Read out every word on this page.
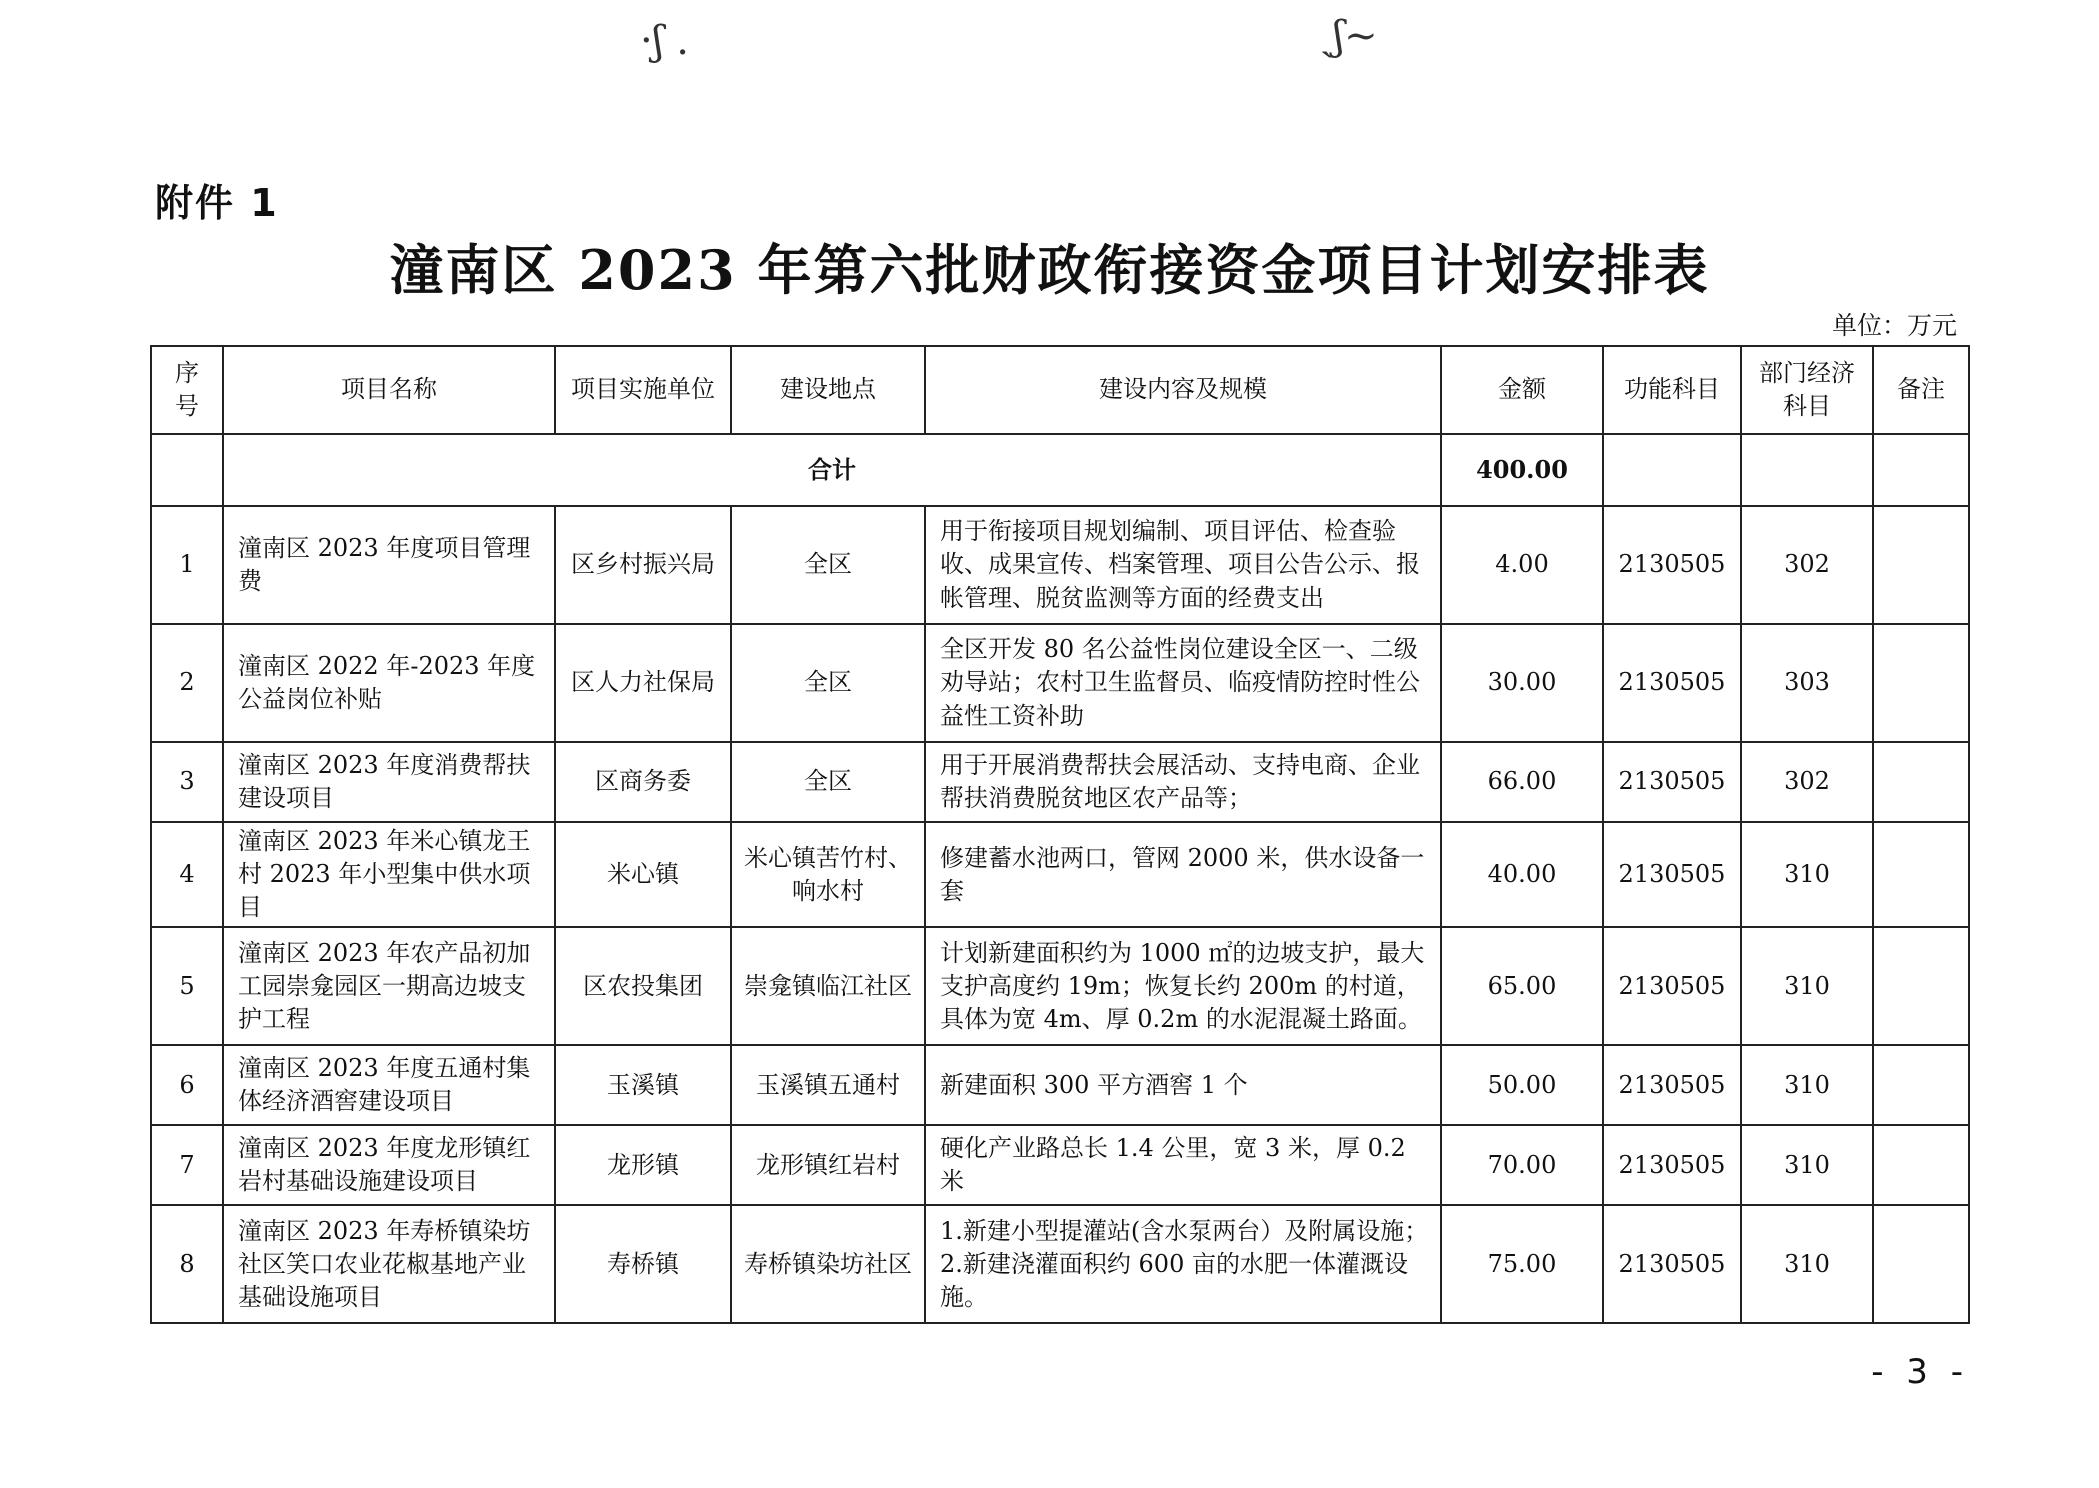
·ʃ .	ˎʃ~
附件 1
潼南区 2023 年第六批财政衔接资金项目计划安排表
单位：万元
序号	项目名称	项目实施单位	建设地点	建设内容及规模	金额	功能科目	部门经济科目	备注
	合计				400.00			
1	潼南区 2023 年度项目管理费	区乡村振兴局	全区	用于衔接项目规划编制、项目评估、检查验收、成果宣传、档案管理、项目公告公示、报帐管理、脱贫监测等方面的经费支出	4.00	2130505	302	
2	潼南区 2022 年-2023 年度公益岗位补贴	区人力社保局	全区	全区开发 80 名公益性岗位建设全区一、二级劝导站；农村卫生监督员、临疫情防控时性公益性工资补助	30.00	2130505	303	
3	潼南区 2023 年度消费帮扶建设项目	区商务委	全区	用于开展消费帮扶会展活动、支持电商、企业帮扶消费脱贫地区农产品等；	66.00	2130505	302	
4	潼南区 2023 年米心镇龙王村 2023 年小型集中供水项目	米心镇	米心镇苦竹村、响水村	修建蓄水池两口，管网 2000 米，供水设备一套	40.00	2130505	310	
5	潼南区 2023 年农产品初加工园崇龛园区一期高边坡支护工程	区农投集团	崇龛镇临江社区	计划新建面积约为 1000 ㎡的边坡支护，最大支护高度约 19m；恢复长约 200m 的村道，具体为宽 4m、厚 0.2m 的水泥混凝土路面。	65.00	2130505	310	
6	潼南区 2023 年度五通村集体经济酒窖建设项目	玉溪镇	玉溪镇五通村	新建面积 300 平方酒窖 1 个	50.00	2130505	310	
7	潼南区 2023 年度龙形镇红岩村基础设施建设项目	龙形镇	龙形镇红岩村	硬化产业路总长 1.4 公里，宽 3 米，厚 0.2 米	70.00	2130505	310	
8	潼南区 2023 年寿桥镇染坊社区笑口农业花椒基地产业基础设施项目	寿桥镇	寿桥镇染坊社区	1.新建小型提灌站(含水泵两台）及附属设施；2.新建浇灌面积约 600 亩的水肥一体灌溉设施。	75.00	2130505	310	
- 3 -
